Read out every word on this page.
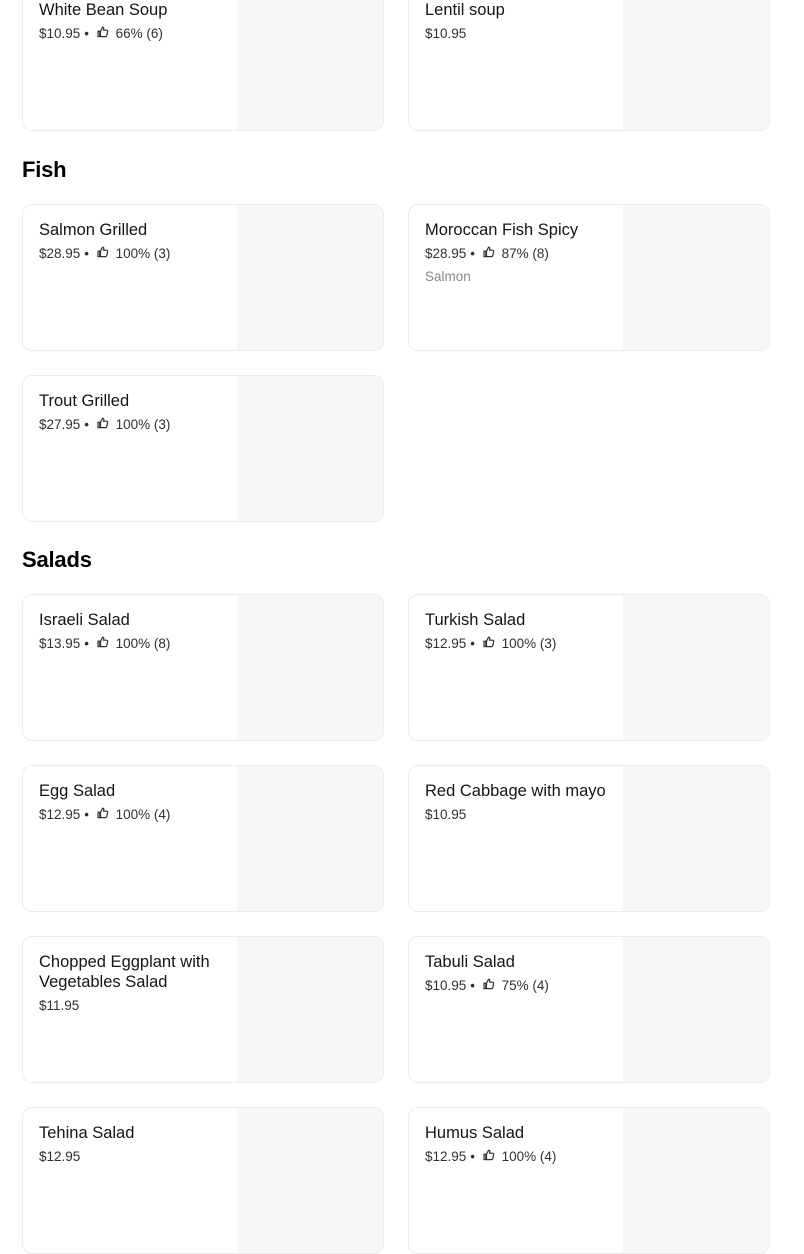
Fish
Salads
White Bean Soup
$10.95 • 66% (6)
Lentil soup
$10.95
Salmon Grilled
$28.95 • 100% (3)
Moroccan Fish Spicy
$28.95 • 87% (8)
Salmon
Trout Grilled
$27.95 • 100% (3)
Israeli Salad
$13.95 • 100% (8)
Turkish Salad
$12.95 • 100% (3)
Egg Salad
$12.95 • 100% (4)
Red Cabbage with mayo
$10.95
Chopped Eggplant with Vegetables Salad
$11.95
Tabuli Salad
$10.95 • 75% (4)
Tehina Salad
$12.95
Humus Salad
$12.95 • 100% (4)
